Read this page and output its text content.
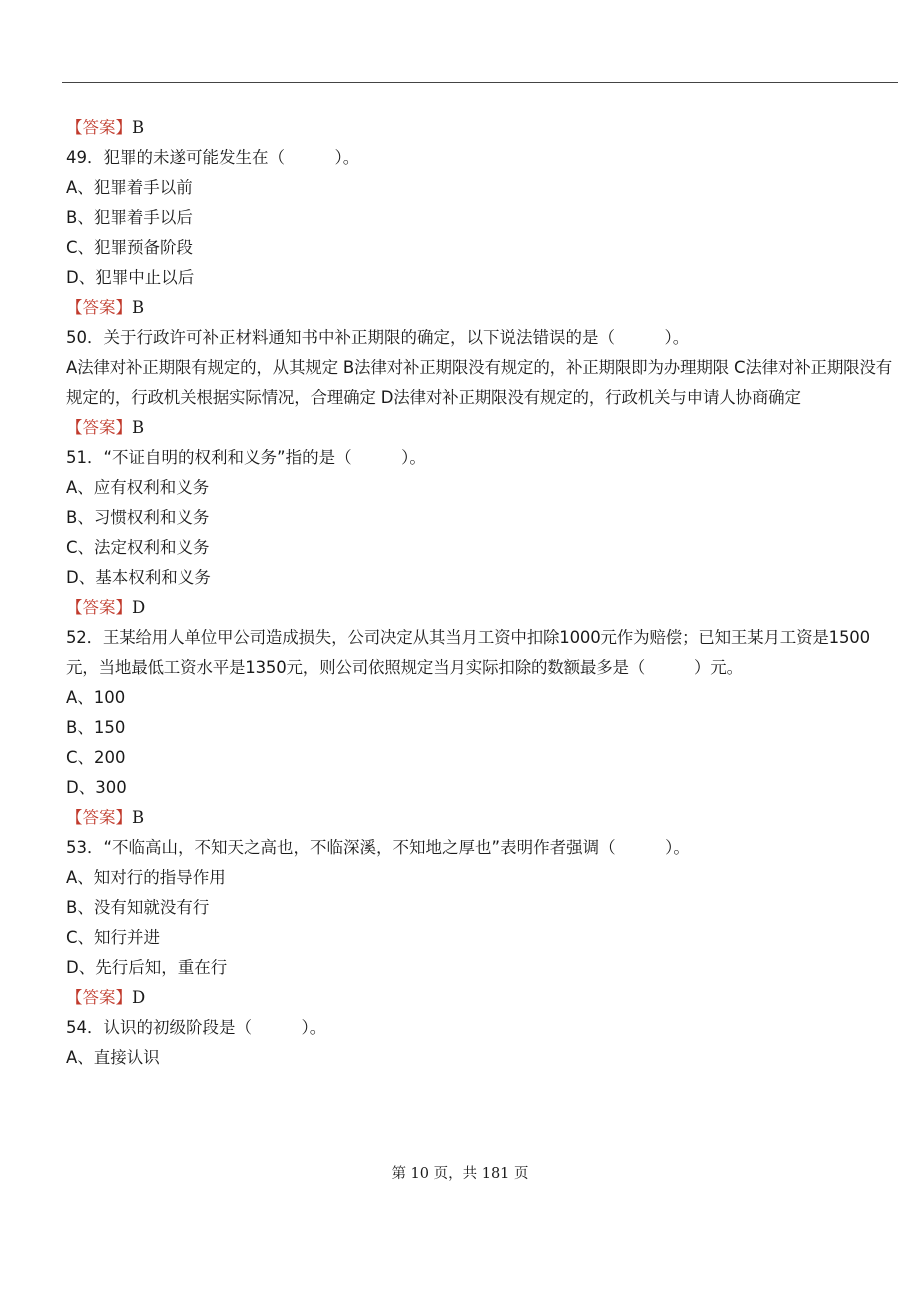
【答案】B
49．犯罪的未遂可能发生在（　　　）。
A、犯罪着手以前
B、犯罪着手以后
C、犯罪预备阶段
D、犯罪中止以后
【答案】B
50．关于行政许可补正材料通知书中补正期限的确定，以下说法错误的是（　　　）。
A法律对补正期限有规定的，从其规定 B法律对补正期限没有规定的，补正期限即为办理期限 C法律对补正期限没有规定的，行政机关根据实际情况，合理确定 D法律对补正期限没有规定的，行政机关与申请人协商确定
【答案】B
51．“不证自明的权利和义务”指的是（　　　）。
A、应有权利和义务
B、习惯权利和义务
C、法定权利和义务
D、基本权利和义务
【答案】D
52．王某给用人单位甲公司造成损失，公司决定从其当月工资中扣除1000元作为赔偿；已知王某月工资是1500元，当地最低工资水平是1350元，则公司依照规定当月实际扣除的数额最多是（　　　）元。
A、100
B、150
C、200
D、300
【答案】B
53．“不临高山，不知天之高也，不临深溪，不知地之厚也”表明作者强调（　　　）。
A、知对行的指导作用
B、没有知就没有行
C、知行并进
D、先行后知，重在行
【答案】D
54．认识的初级阶段是（　　　）。
A、直接认识
第 10 页，共 181 页
